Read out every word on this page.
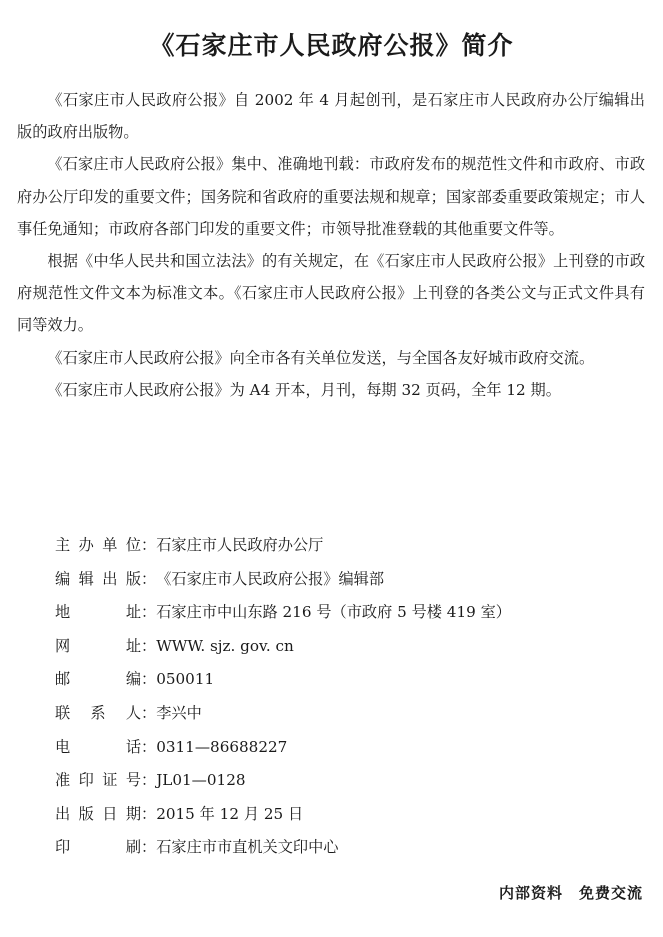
《石家庄市人民政府公报》简介

《石家庄市人民政府公报》自 2002 年 4 月起创刊，是石家庄市人民政府办公厅编辑出版的政府出版物。

《石家庄市人民政府公报》集中、准确地刊载：市政府发布的规范性文件和市政府、市政府办公厅印发的重要文件；国务院和省政府的重要法规和规章；国家部委重要政策规定；市人事任免通知；市政府各部门印发的重要文件；市领导批准登载的其他重要文件等。

根据《中华人民共和国立法法》的有关规定，在《石家庄市人民政府公报》上刊登的市政府规范性文件文本为标准文本。《石家庄市人民政府公报》上刊登的各类公文与正式文件具有同等效力。

《石家庄市人民政府公报》向全市各有关单位发送，与全国各友好城市政府交流。

《石家庄市人民政府公报》为 A4 开本，月刊，每期 32 页码，全年 12 期。

主办单位 ： 石家庄市人民政府办公厅
编辑出版 ： 《石家庄市人民政府公报》编辑部
地址 ： 石家庄市中山东路 216 号（市政府 5 号楼 419 室）
网址 ： WWW. sjz. gov. cn
邮编 ： 050011
联系人 ： 李兴中
电话 ： 0311—86688227
准印证号 ： JL01—0128
出版日期 ： 2015 年 12 月 25 日
印刷 ： 石家庄市市直机关文印中心
内部资料　免费交流
